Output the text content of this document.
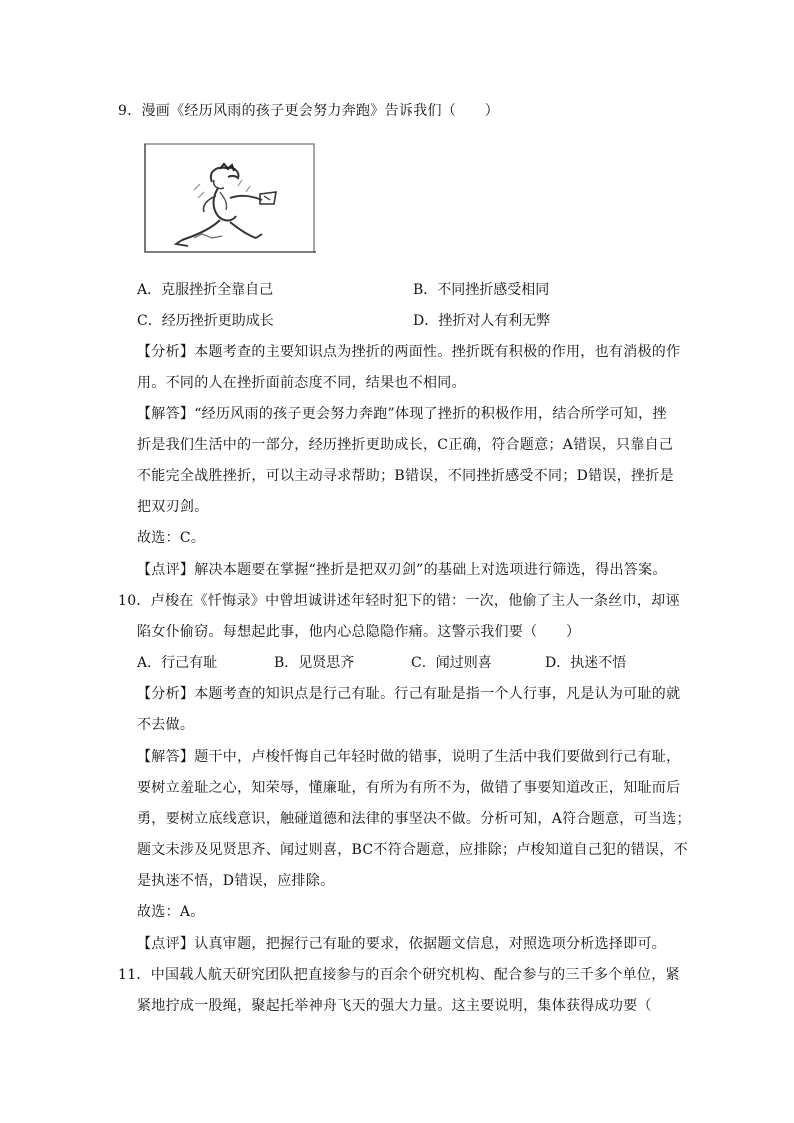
9．漫画《经历风雨的孩子更会努力奔跑》告诉我们（　　）
A．克服挫折全靠自己	B．不同挫折感受相同
C．经历挫折更助成长	D．挫折对人有利无弊
【分析】本题考查的主要知识点为挫折的两面性。挫折既有积极的作用，也有消极的作
用。不同的人在挫折面前态度不同，结果也不相同。
【解答】“经历风雨的孩子更会努力奔跑”体现了挫折的积极作用，结合所学可知，挫
折是我们生活中的一部分，经历挫折更助成长，C正确，符合题意；A错误，只靠自己
不能完全战胜挫折，可以主动寻求帮助；B错误，不同挫折感受不同；D错误，挫折是
把双刃剑。
故选：C。
【点评】解决本题要在掌握“挫折是把双刃剑”的基础上对选项进行筛选，得出答案。
10．卢梭在《忏悔录》中曾坦诚讲述年轻时犯下的错：一次，他偷了主人一条丝巾，却诬
陷女仆偷窃。每想起此事，他内心总隐隐作痛。这警示我们要（　　）
A．行己有耻	B．见贤思齐	C．闻过则喜	D．执迷不悟
【分析】本题考查的知识点是行己有耻。行己有耻是指一个人行事，凡是认为可耻的就
不去做。
【解答】题干中，卢梭忏悔自己年轻时做的错事，说明了生活中我们要做到行己有耻，
要树立羞耻之心，知荣辱，懂廉耻，有所为有所不为，做错了事要知道改正，知耻而后
勇，要树立底线意识，触碰道德和法律的事坚决不做。分析可知，A符合题意，可当选；
题文未涉及见贤思齐、闻过则喜，BC不符合题意，应排除；卢梭知道自己犯的错误，不
是执迷不悟，D错误，应排除。
故选：A。
【点评】认真审题，把握行己有耻的要求，依据题文信息，对照选项分析选择即可。
11．中国载人航天研究团队把直接参与的百余个研究机构、配合参与的三千多个单位，紧
紧地拧成一股绳，聚起托举神舟飞天的强大力量。这主要说明，集体获得成功要（
